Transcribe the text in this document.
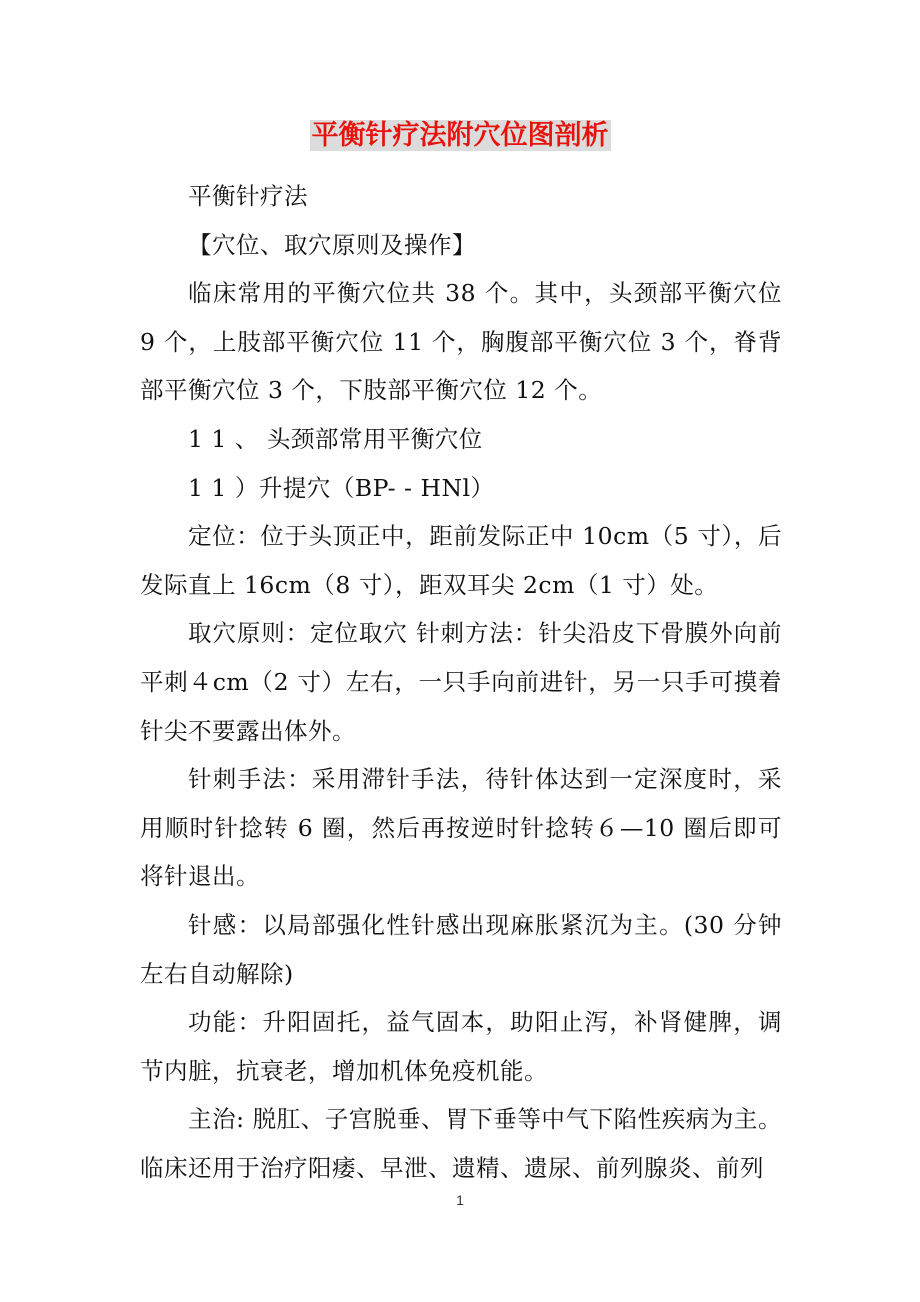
平衡针疗法附穴位图剖析

平衡针疗法

【穴位、取穴原则及操作】

临床常用的平衡穴位共 38 个。其中，头颈部平衡穴位 9 个，上肢部平衡穴位 11 个，胸腹部平衡穴位 3 个，脊背部平衡穴位 3 个，下肢部平衡穴位 12 个。

1 1 、 头颈部常用平衡穴位

1 1 ）升提穴（BP- - HNl）

定位：位于头顶正中，距前发际正中 10cm（5 寸），后发际直上 16cm（8 寸），距双耳尖 2cm（1 寸）处。

取穴原则：定位取穴 针刺方法：针尖沿皮下骨膜外向前平刺４cm（2 寸）左右，一只手向前进针，另一只手可摸着针尖不要露出体外。

针刺手法：采用滞针手法，待针体达到一定深度时，采用顺时针捻转 6 圈，然后再按逆时针捻转６—10 圈后即可将针退出。

针感：以局部强化性针感出现麻胀紧沉为主。(30 分钟左右自动解除)

功能：升阳固托，益气固本，助阳止泻，补肾健脾，调节内脏，抗衰老，增加机体免疫机能。

主治: 脱肛、子宫脱垂、胃下垂等中气下陷性疾病为主。临床还用于治疗阳痿、早泄、遗精、遗尿、前列腺炎、前列

1
